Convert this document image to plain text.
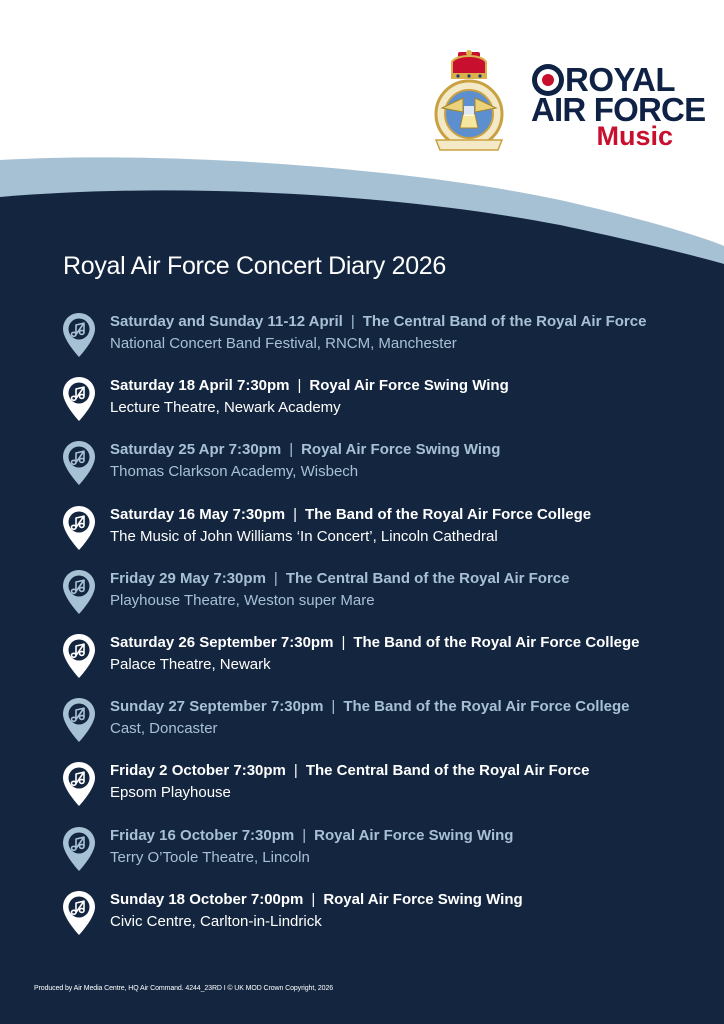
ROYAL
AIR FORCE
Music
Royal Air Force Concert Diary 2026
Saturday and Sunday 11-12 April | The Central Band of the Royal Air Force
National Concert Band Festival, RNCM, Manchester
Saturday 18 April 7:30pm | Royal Air Force Swing Wing
Lecture Theatre, Newark Academy
Saturday 25 Apr 7:30pm | Royal Air Force Swing Wing
Thomas Clarkson Academy, Wisbech
Saturday 16 May 7:30pm | The Band of the Royal Air Force College
The Music of John Williams ‘In Concert’, Lincoln Cathedral
Friday 29 May 7:30pm | The Central Band of the Royal Air Force
Playhouse Theatre, Weston super Mare
Saturday 26 September 7:30pm | The Band of the Royal Air Force College
Palace Theatre, Newark
Sunday 27 September 7:30pm | The Band of the Royal Air Force College
Cast, Doncaster
Friday 2 October 7:30pm | The Central Band of the Royal Air Force
Epsom Playhouse
Friday 16 October 7:30pm | Royal Air Force Swing Wing
Terry O’Toole Theatre, Lincoln
Sunday 18 October 7:00pm | Royal Air Force Swing Wing
Civic Centre, Carlton-in-Lindrick
Produced by Air Media Centre, HQ Air Command. 4244_23RD I © UK MOD Crown Copyright, 2026
